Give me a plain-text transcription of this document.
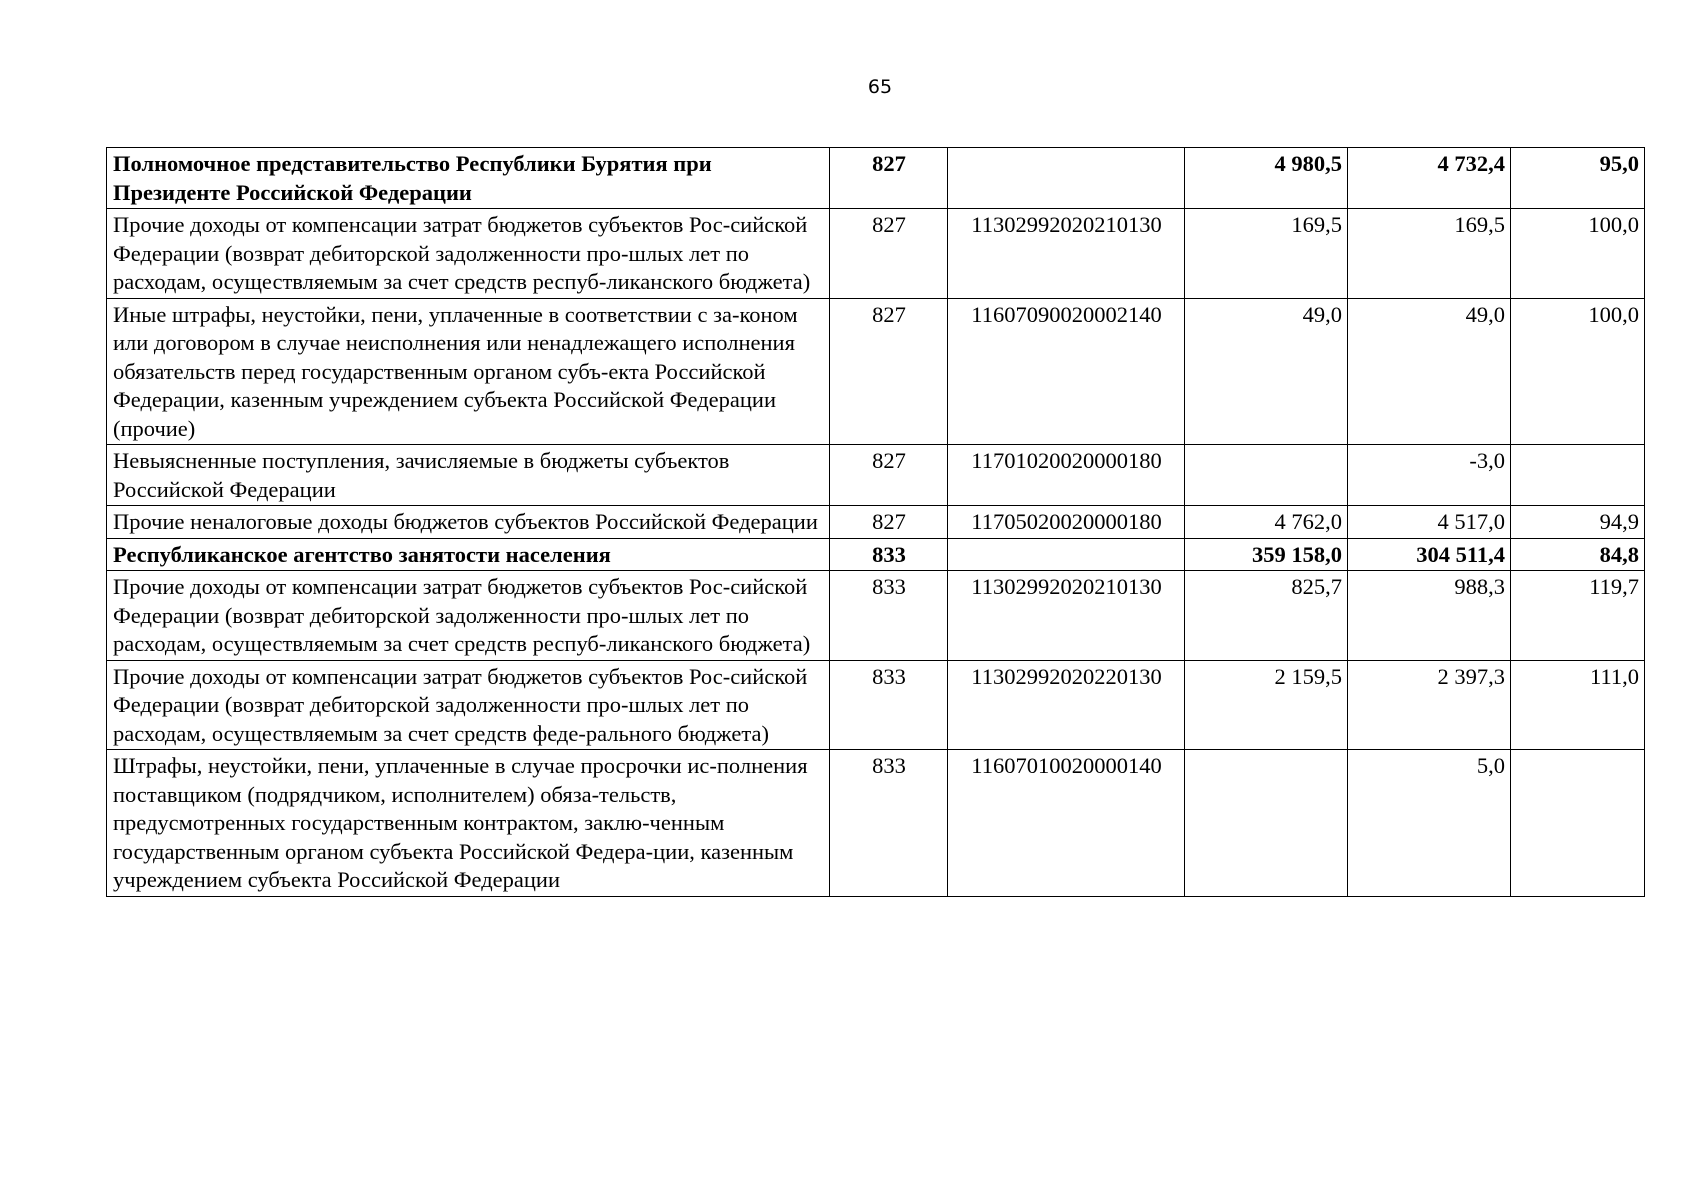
65
Полномочное представительство Республики Бурятия при Президенте Российской Федерации	827		4 980,5	4 732,4	95,0
Прочие доходы от компенсации затрат бюджетов субъектов Рос-сийской Федерации (возврат дебиторской задолженности про-шлых лет по расходам, осуществляемым за счет средств респуб-ликанского бюджета)	827	11302992020210130	169,5	169,5	100,0
Иные штрафы, неустойки, пени, уплаченные в соответствии с за-коном или договором в случае неисполнения или ненадлежащего исполнения обязательств перед государственным органом субъ-екта Российской Федерации, казенным учреждением субъекта Российской Федерации (прочие)	827	11607090020002140	49,0	49,0	100,0
Невыясненные поступления, зачисляемые в бюджеты субъектов Российской Федерации	827	11701020020000180		-3,0	
Прочие неналоговые доходы бюджетов субъектов Российской Федерации	827	11705020020000180	4 762,0	4 517,0	94,9
Республиканское агентство занятости населения	833		359 158,0	304 511,4	84,8
Прочие доходы от компенсации затрат бюджетов субъектов Рос-сийской Федерации (возврат дебиторской задолженности про-шлых лет по расходам, осуществляемым за счет средств респуб-ликанского бюджета)	833	11302992020210130	825,7	988,3	119,7
Прочие доходы от компенсации затрат бюджетов субъектов Рос-сийской Федерации (возврат дебиторской задолженности про-шлых лет по расходам, осуществляемым за счет средств феде-рального бюджета)	833	11302992020220130	2 159,5	2 397,3	111,0
Штрафы, неустойки, пени, уплаченные в случае просрочки ис-полнения поставщиком (подрядчиком, исполнителем) обяза-тельств, предусмотренных государственным контрактом, заклю-ченным государственным органом субъекта Российской Федера-ции, казенным учреждением субъекта Российской Федерации	833	11607010020000140		5,0	
